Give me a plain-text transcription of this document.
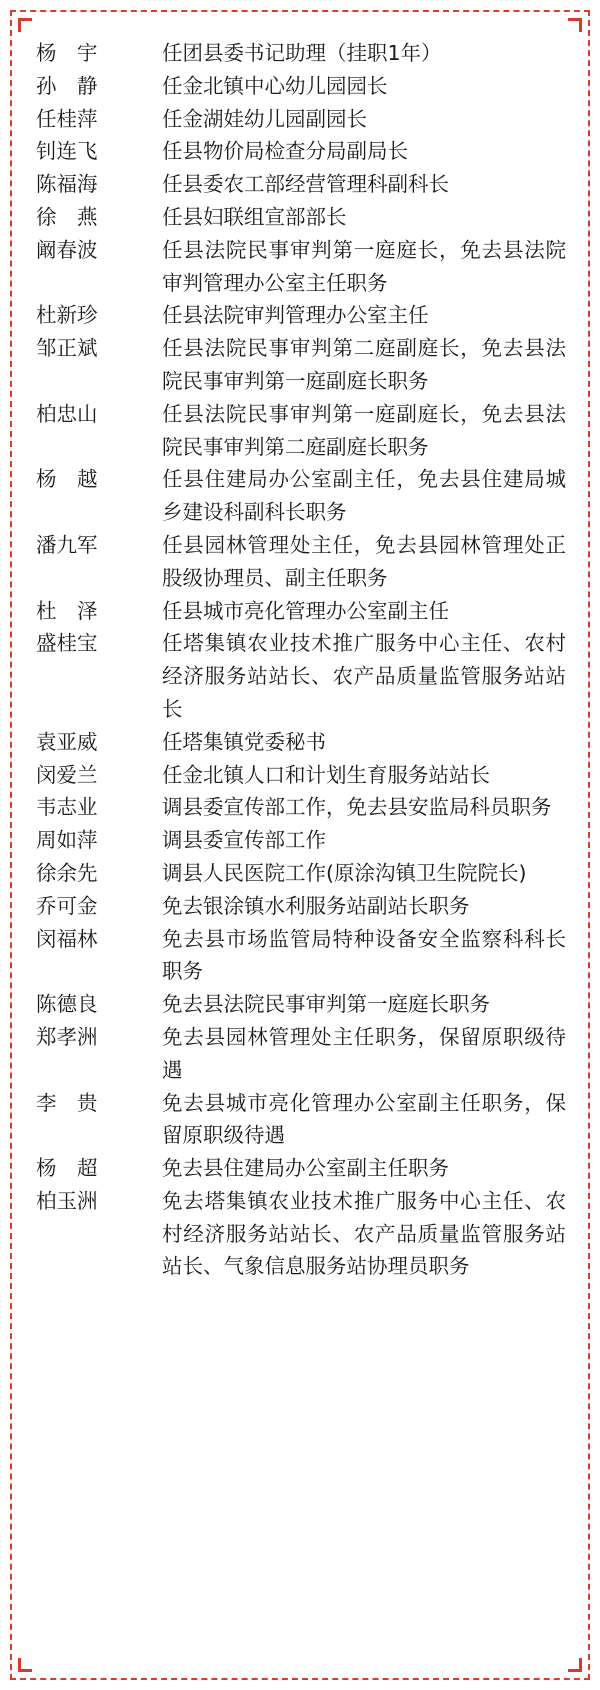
杨　宇	任团县委书记助理（挂职1年）
孙　静	任金北镇中心幼儿园园长
任桂萍	任金湖娃幼儿园副园长
钊连飞	任县物价局检查分局副局长
陈福海	任县委农工部经营管理科副科长
徐　燕	任县妇联组宣部部长
阚春波	任县法院民事审判第一庭庭长，免去县法院审判管理办公室主任职务
杜新珍	任县法院审判管理办公室主任
邹正斌	任县法院民事审判第二庭副庭长，免去县法院民事审判第一庭副庭长职务
柏忠山	任县法院民事审判第一庭副庭长，免去县法院民事审判第二庭副庭长职务
杨　越	任县住建局办公室副主任，免去县住建局城乡建设科副科长职务
潘九军	任县园林管理处主任，免去县园林管理处正股级协理员、副主任职务
杜　泽	任县城市亮化管理办公室副主任
盛桂宝	任塔集镇农业技术推广服务中心主任、农村经济服务站站长、农产品质量监管服务站站长
袁亚威	任塔集镇党委秘书
闵爱兰	任金北镇人口和计划生育服务站站长
韦志业	调县委宣传部工作，免去县安监局科员职务
周如萍	调县委宣传部工作
徐余先	调县人民医院工作(原涂沟镇卫生院院长)
乔可金	免去银涂镇水利服务站副站长职务
闵福林	免去县市场监管局特种设备安全监察科科长职务
陈德良	免去县法院民事审判第一庭庭长职务
郑孝洲	免去县园林管理处主任职务，保留原职级待遇
李　贵	免去县城市亮化管理办公室副主任职务，保留原职级待遇
杨　超	免去县住建局办公室副主任职务
柏玉洲	免去塔集镇农业技术推广服务中心主任、农村经济服务站站长、农产品质量监管服务站站长、气象信息服务站协理员职务
